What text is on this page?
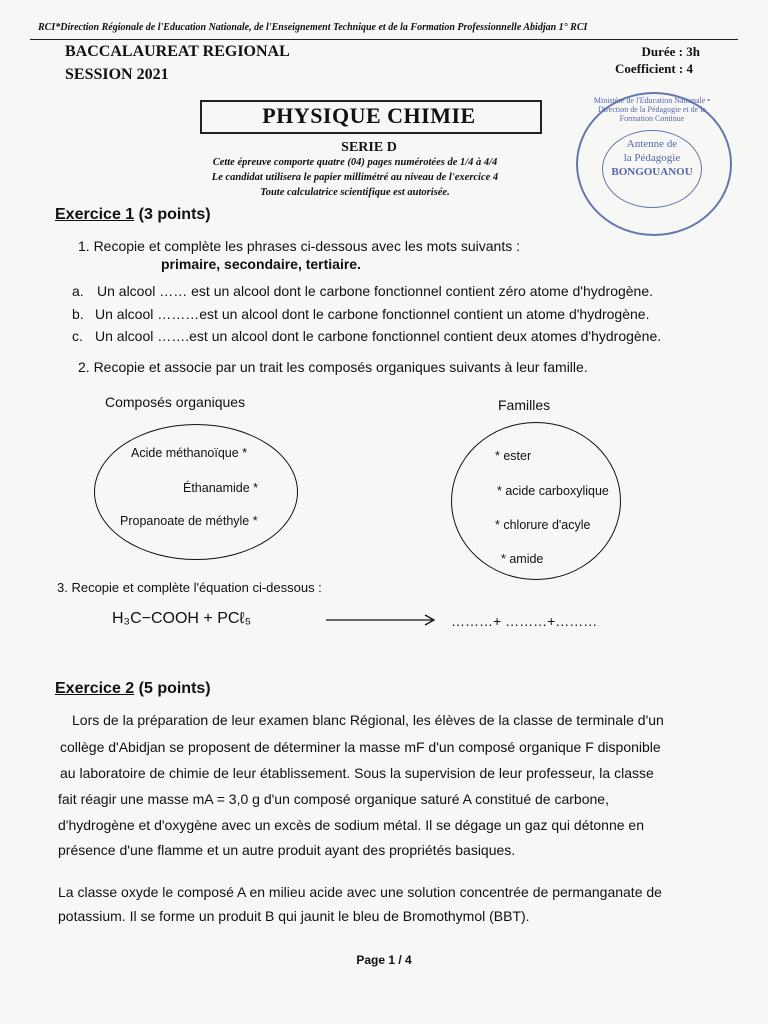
RCI*Direction Régionale de l'Education Nationale, de l'Enseignement Technique et de la Formation Professionnelle Abidjan 1° RCI
BACCALAUREAT REGIONAL
SESSION 2021
Durée : 3h
Coefficient : 4
PHYSIQUE CHIMIE
SERIE D
Cette épreuve comporte quatre (04) pages numérotées de 1/4 à 4/4
Le candidat utilisera le papier millimétré au niveau de l'exercice 4
Toute calculatrice scientifique est autorisée.
Ministère de l'Education Nationale • Direction de la Pédagogie et de la Formation Continue
Antenne de
la Pédagogie
BONGOUANOU
Exercice 1 (3 points)
1. Recopie et complète les phrases ci-dessous avec les mots suivants :
primaire, secondaire, tertiaire.
a. Un alcool …… est un alcool dont le carbone fonctionnel contient zéro atome d'hydrogène.
b. Un alcool ………est un alcool dont le carbone fonctionnel contient un atome d'hydrogène.
c. Un alcool …….est un alcool dont le carbone fonctionnel contient deux atomes d'hydrogène.
2. Recopie et associe par un trait les composés organiques suivants à leur famille.
Composés organiques	Familles
Acide méthanoïque *
Éthanamide *
Propanoate de méthyle *
* ester
* acide carboxylique
* chlorure d'acyle
* amide
3. Recopie et complète l'équation ci-dessous :
H₃C−COOH + PCℓ₅	………+ ………+………
Exercice 2 (5 points)
Lors de la préparation de leur examen blanc Régional, les élèves de la classe de terminale d'un
collège d'Abidjan se proposent de déterminer la masse mF d'un composé organique F disponible
au laboratoire de chimie de leur établissement. Sous la supervision de leur professeur, la classe
fait réagir une masse mA = 3,0 g d'un composé organique saturé A constitué de carbone,
d'hydrogène et d'oxygène avec un excès de sodium métal. Il se dégage un gaz qui détonne en
présence d'une flamme et un autre produit ayant des propriétés basiques.
La classe oxyde le composé A en milieu acide avec une solution concentrée de permanganate de
potassium. Il se forme un produit B qui jaunit le bleu de Bromothymol (BBT).
Page 1 / 4
